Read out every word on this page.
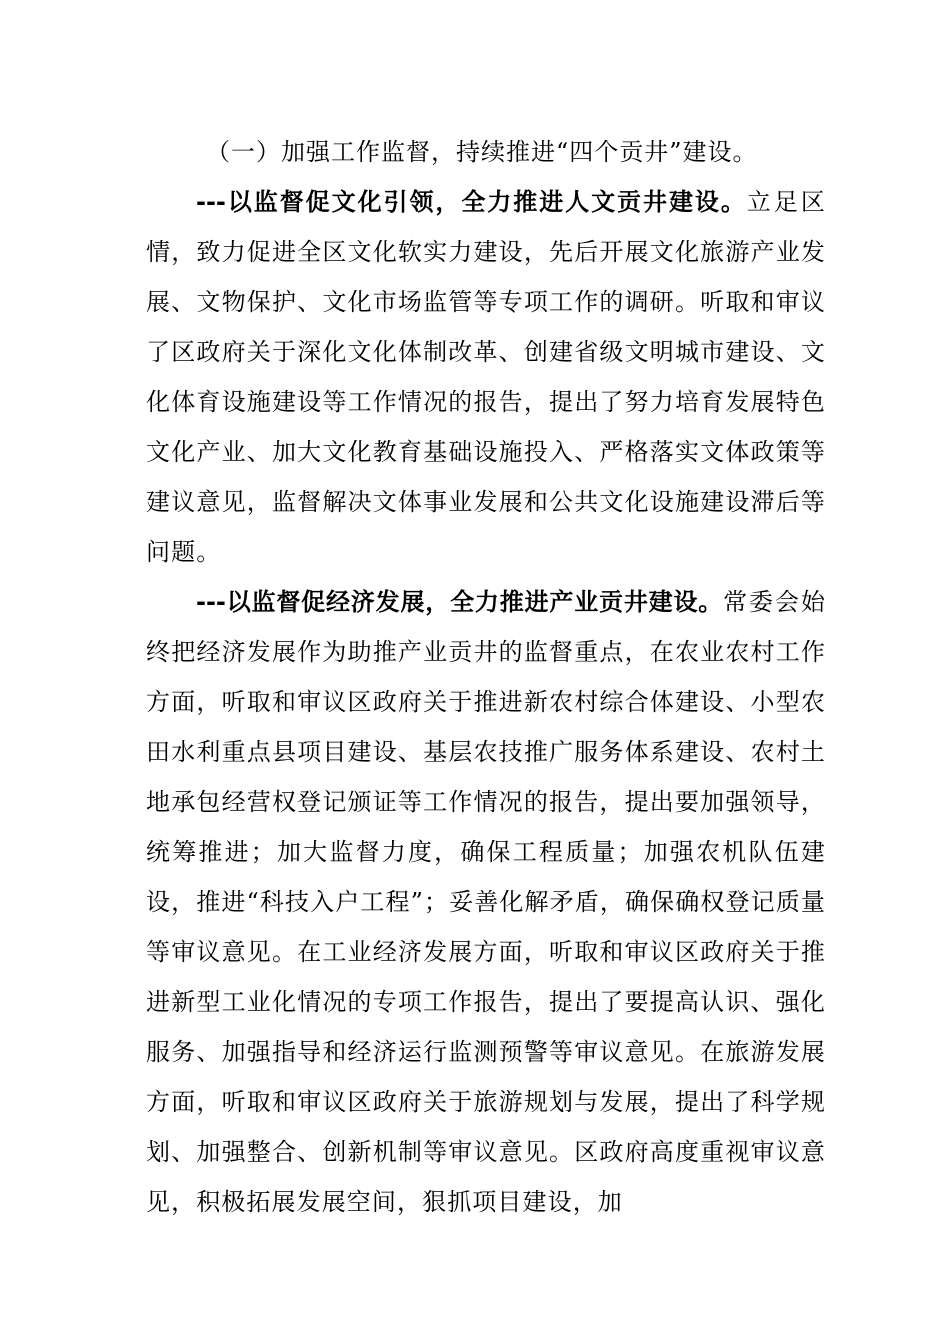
（一）加强工作监督，持续推进“四个贡井”建设。

---以监督促文化引领，全力推进人文贡井建设。立足区情，致力促进全区文化软实力建设，先后开展文化旅游产业发展、文物保护、文化市场监管等专项工作的调研。听取和审议了区政府关于深化文化体制改革、创建省级文明城市建设、文化体育设施建设等工作情况的报告，提出了努力培育发展特色文化产业、加大文化教育基础设施投入、严格落实文体政策等建议意见，监督解决文体事业发展和公共文化设施建设滞后等问题。

---以监督促经济发展，全力推进产业贡井建设。常委会始终把经济发展作为助推产业贡井的监督重点，在农业农村工作方面，听取和审议区政府关于推进新农村综合体建设、小型农田水利重点县项目建设、基层农技推广服务体系建设、农村土地承包经营权登记颁证等工作情况的报告，提出要加强领导，统筹推进；加大监督力度，确保工程质量；加强农机队伍建设，推进“科技入户工程”；妥善化解矛盾，确保确权登记质量等审议意见。在工业经济发展方面，听取和审议区政府关于推进新型工业化情况的专项工作报告，提出了要提高认识、强化服务、加强指导和经济运行监测预警等审议意见。在旅游发展方面，听取和审议区政府关于旅游规划与发展，提出了科学规划、加强整合、创新机制等审议意见。区政府高度重视审议意见，积极拓展发展空间，狠抓项目建设，加
